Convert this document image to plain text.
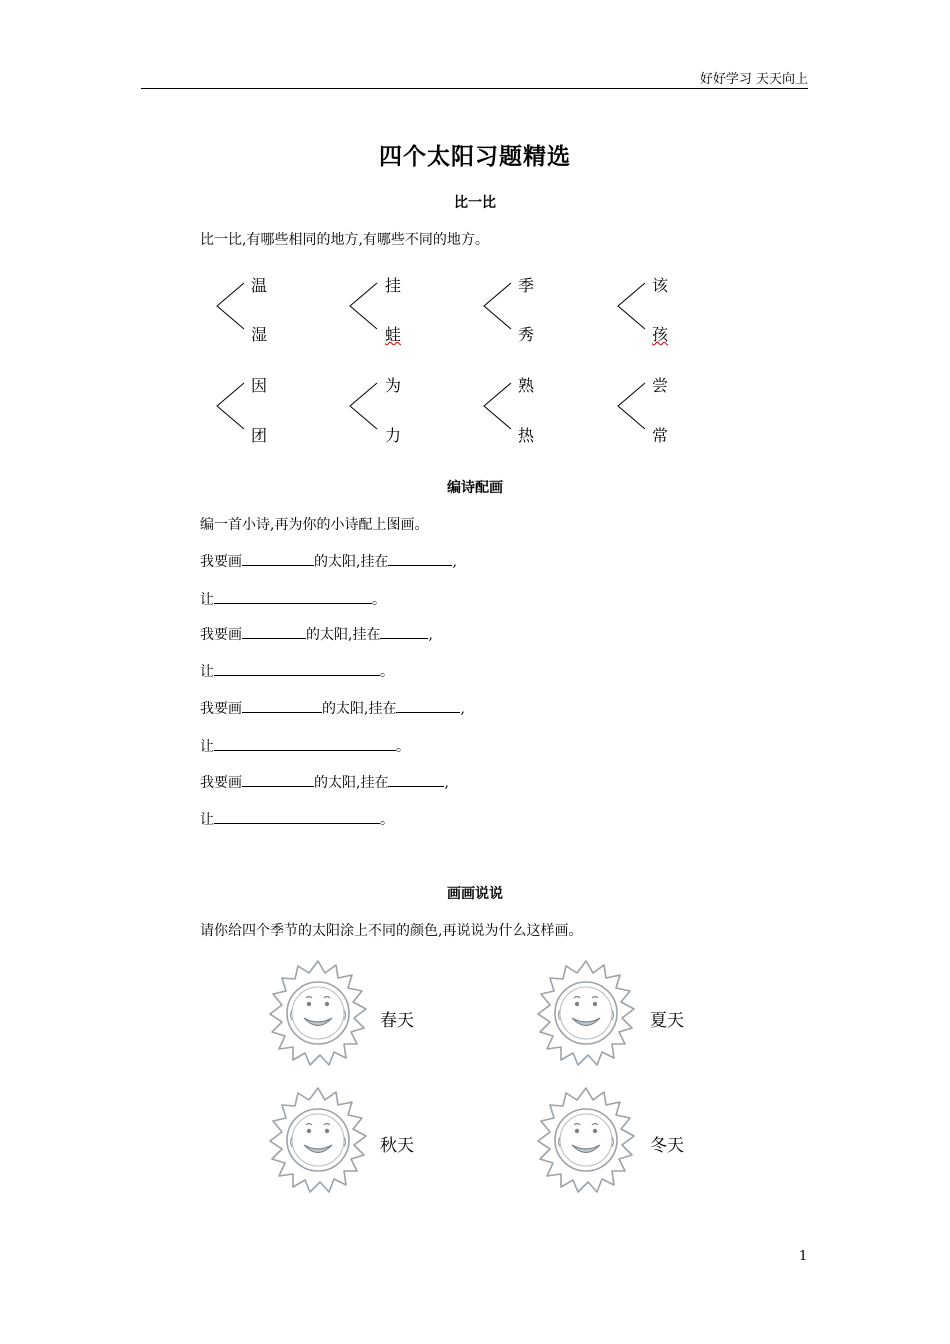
好好学习 天天向上
四个太阳习题精选
比一比
比一比,有哪些相同的地方,有哪些不同的地方。
温
湿
挂
蛙
季
秀
该
孩
因
团
为
力
熟
热
尝
常
编诗配画
编一首小诗,再为你的小诗配上图画。
我要画	的太阳,挂在	,
让	。
我要画	的太阳,挂在	,
让	。
我要画	的太阳,挂在	,
让	。
我要画	的太阳,挂在	,
让	。
画画说说
请你给四个季节的太阳涂上不同的颜色,再说说为什么这样画。
春天	夏天
秋天	冬天
1
